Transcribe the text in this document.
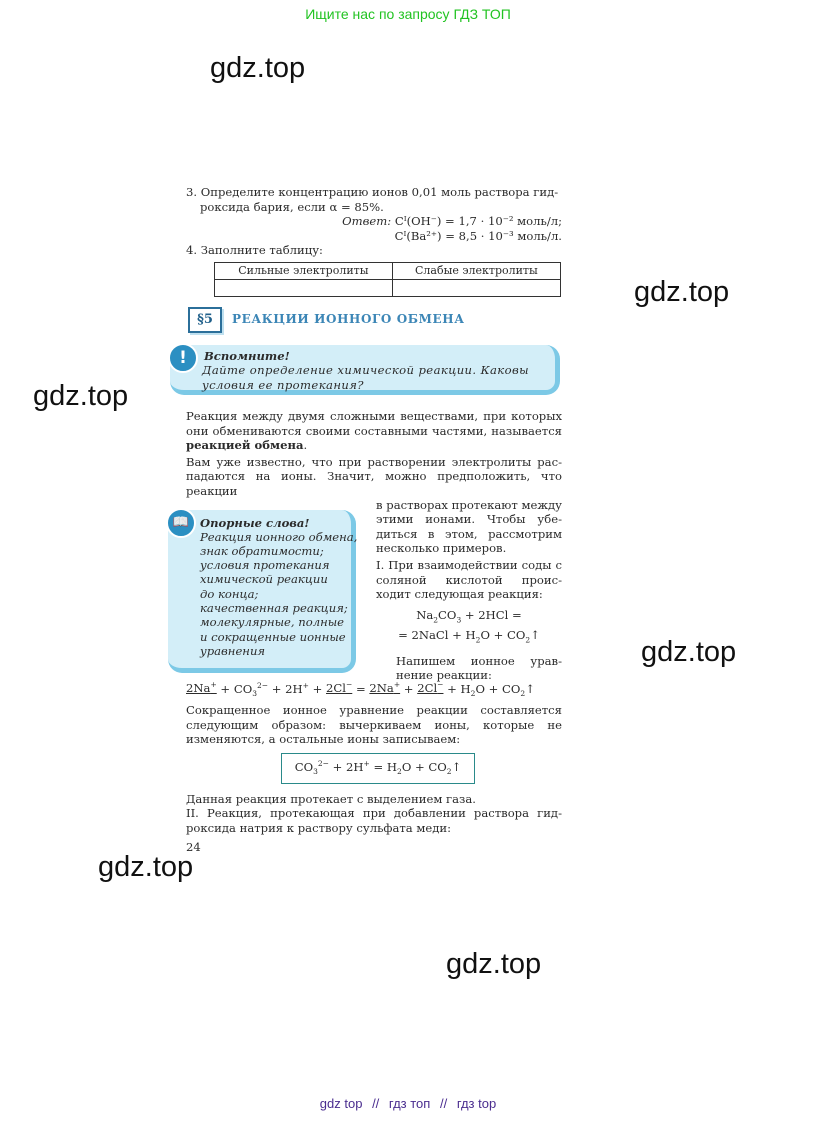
Ищите нас по запросу ГДЗ ТОП
gdz.top
gdz.top
gdz.top
gdz.top
gdz.top
gdz.top

3. Определите концентрацию ионов 0,01 моль раствора гид-

роксида бария, если α = 85%.

Ответ: Cᴵ(OH⁻) = 1,7 · 10⁻² моль/л;

Cᴵ(Ba²⁺) = 8,5 · 10⁻³ моль/л.

4. Заполните таблицу:

Сильные электролиты	Слабые электролиты

§5	РЕАКЦИИ ИОННОГО ОБМЕНА
!	Вспомните!
Дайте определение химической реакции. Каковы условия ее протекания?

Реакция между двумя сложными веществами, при которых они обмениваются своими составными частями, называется реакцией обмена.

Вам уже известно, что при растворении электролиты распадаются на ионы. Значит, можно предположить, что реакции

📖 Опорные слова!
Реакция ионного обмена,
знак обратимости;
условия протекания
химической реакции
до конца;
качественная реакция;
молекулярные, полные
и сокращенные ионные
уравнения

в растворах протекают между этими ионами. Чтобы убедиться в этом, рассмотрим несколько примеров.

I. При взаимодействии соды с соляной кислотой происходит следующая реакция:

$Na_2CO_3 + 2HCl$ =
= 2NaCl + $H_2O$ + $CO_2↑$

Напишем ионное уравнение реакции:

$2Na^+ + CO_3^{2-} + 2H^+ + 2Cl^- = 2Na^+ + 2Cl^- + H_2O$ + $CO_2↑$

Сокращенное ионное уравнение реакции составляется следующим образом: вычеркиваем ионы, которые не изменяются, а остальные ионы записываем:

$CO_3^{2-} + 2H^+ = H_2O$ + $CO_2↑$

Данная реакция протекает с выделением газа.

II. Реакция, протекающая при добавлении раствора гидроксида натрия к раствору сульфата меди:

24
gdz top // гдз топ // гдз top
